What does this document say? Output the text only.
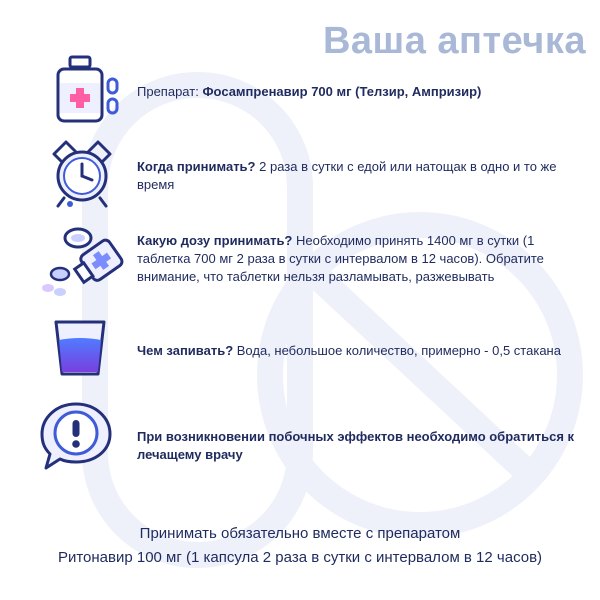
Ваша аптечка
Препарат: Фосампренавир 700 мг (Телзир, Ампризир)
Когда принимать? 2 раза в сутки с едой или натощак в одно и то же время
Какую дозу принимать? Необходимо принять 1400 мг в сутки (1 таблетка 700 мг 2 раза в сутки с интервалом в 12 часов). Обратите внимание, что таблетки нельзя разламывать, разжевывать
Чем запивать? Вода, небольшое количество, примерно - 0,5 стакана
При возникновении побочных эффектов необходимо обратиться к лечащему врачу
Принимать обязательно вместе с препаратом
Ритонавир 100 мг (1 капсула 2 раза в сутки с интервалом в 12 часов)
